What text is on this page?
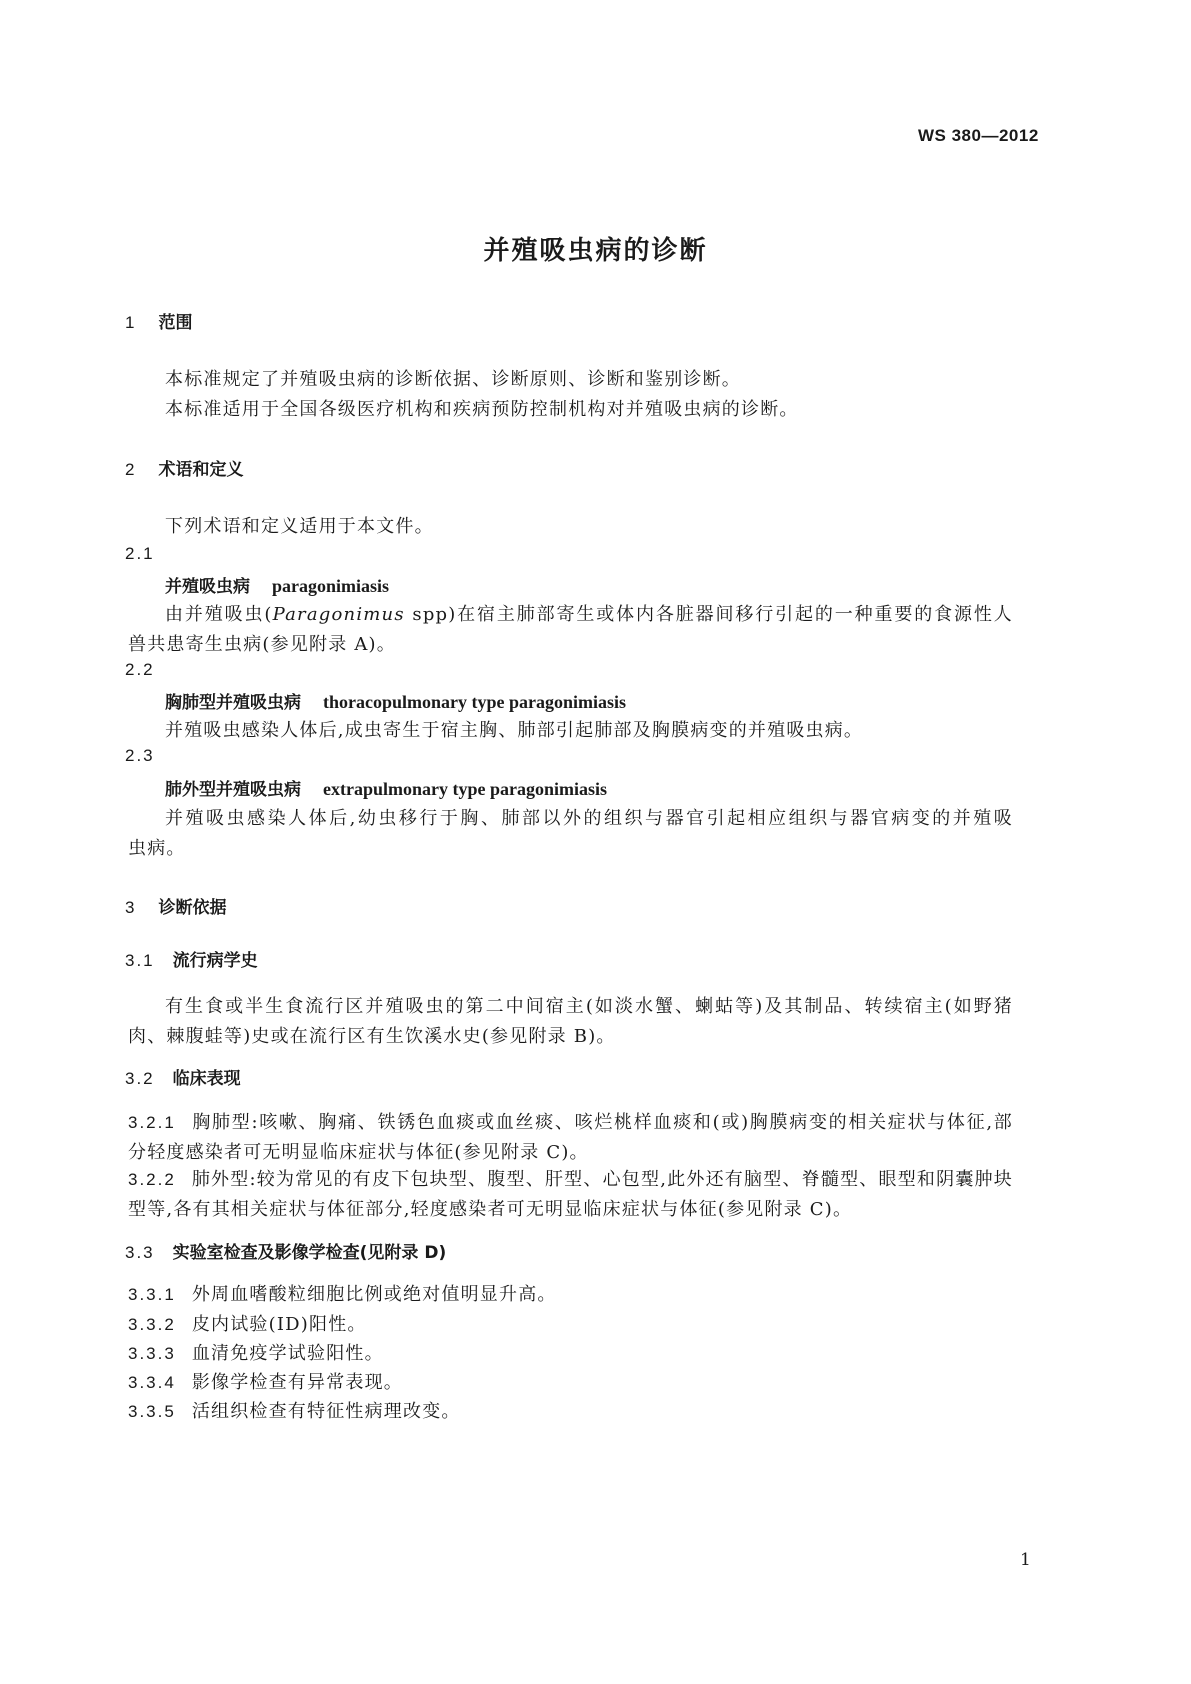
WS 380—2012
并殖吸虫病的诊断
1 范围
本标准规定了并殖吸虫病的诊断依据、诊断原则、诊断和鉴别诊断。
本标准适用于全国各级医疗机构和疾病预防控制机构对并殖吸虫病的诊断。
2 术语和定义
下列术语和定义适用于本文件。
2.1
并殖吸虫病 paragonimiasis
由并殖吸虫(Paragonimus spp)在宿主肺部寄生或体内各脏器间移行引起的一种重要的食源性人
兽共患寄生虫病(参见附录 A)。
2.2
胸肺型并殖吸虫病 thoracopulmonary type paragonimiasis
并殖吸虫感染人体后,成虫寄生于宿主胸、肺部引起肺部及胸膜病变的并殖吸虫病。
2.3
肺外型并殖吸虫病 extrapulmonary type paragonimiasis
并殖吸虫感染人体后,幼虫移行于胸、肺部以外的组织与器官引起相应组织与器官病变的并殖吸
虫病。
3 诊断依据
3.1 流行病学史
有生食或半生食流行区并殖吸虫的第二中间宿主(如淡水蟹、蝲蛄等)及其制品、转续宿主(如野猪
肉、棘腹蛙等)史或在流行区有生饮溪水史(参见附录 B)。
3.2 临床表现
3.2.1 胸肺型:咳嗽、胸痛、铁锈色血痰或血丝痰、咳烂桃样血痰和(或)胸膜病变的相关症状与体征,部
分轻度感染者可无明显临床症状与体征(参见附录 C)。
3.2.2 肺外型:较为常见的有皮下包块型、腹型、肝型、心包型,此外还有脑型、脊髓型、眼型和阴囊肿块
型等,各有其相关症状与体征部分,轻度感染者可无明显临床症状与体征(参见附录 C)。
3.3 实验室检查及影像学检查(见附录 D)
3.3.1 外周血嗜酸粒细胞比例或绝对值明显升高。
3.3.2 皮内试验(ID)阳性。
3.3.3 血清免疫学试验阳性。
3.3.4 影像学检查有异常表现。
3.3.5 活组织检查有特征性病理改变。
1
